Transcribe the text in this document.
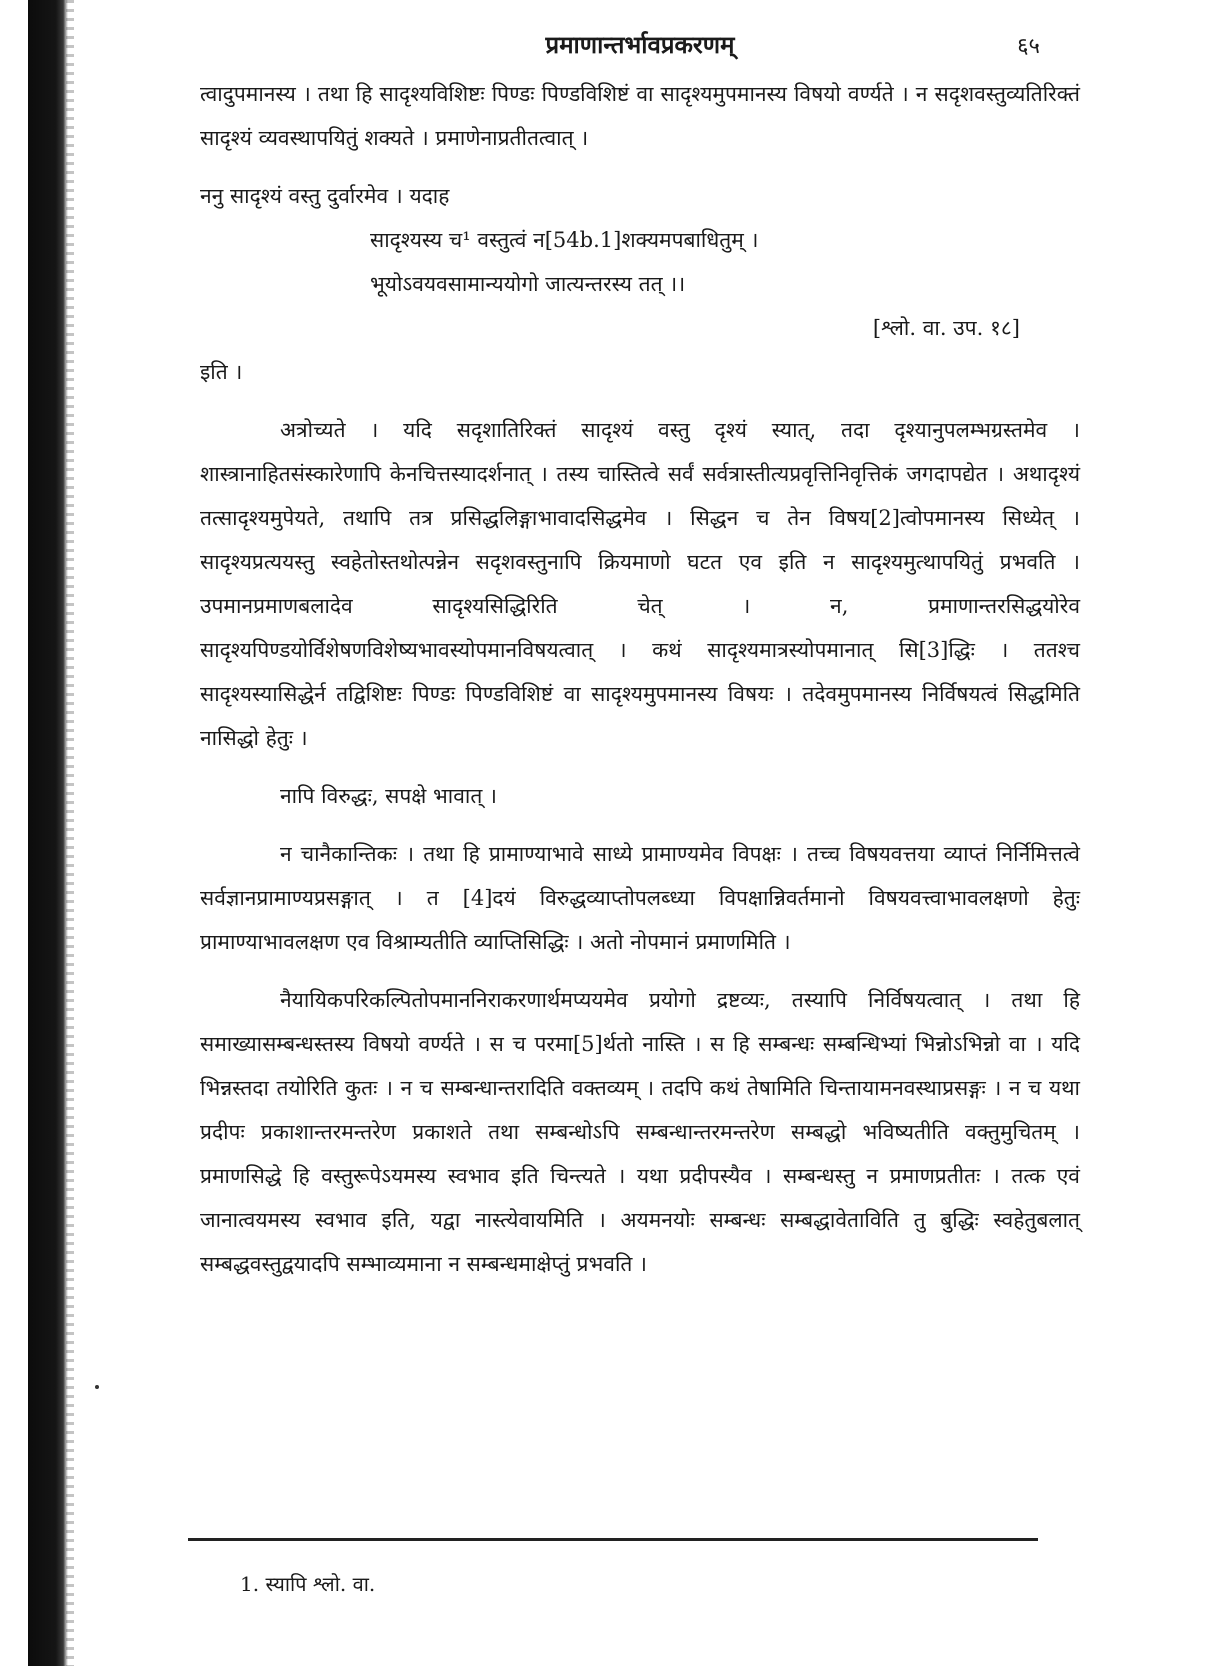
प्रमाणान्तर्भावप्रकरणम्	६५

त्वादुपमानस्य । तथा हि सादृश्यविशिष्टः पिण्डः पिण्डविशिष्टं वा सादृश्यमुपमानस्य विषयो वर्ण्यते । न सदृशवस्तुव्यतिरिक्तं सादृश्यं व्यवस्थापयितुं शक्यते । प्रमाणेनाप्रतीतत्वात् ।

ननु सादृश्यं वस्तु दुर्वारमेव । यदाह

सादृश्यस्य च¹ वस्तुत्वं न[54b.1]शक्यमपबाधितुम् ।
भूयोऽवयवसामान्ययोगो जात्यन्तरस्य तत् ।।
[श्लो. वा. उप. १८]

इति ।

अत्रोच्यते । यदि सदृशातिरिक्तं सादृश्यं वस्तु दृश्यं स्यात्, तदा दृश्यानुपलम्भग्रस्तमेव । शास्त्रानाहितसंस्कारेणापि केनचित्तस्यादर्शनात् । तस्य चास्तित्वे सर्वं सर्वत्रास्तीत्यप्रवृत्तिनिवृत्तिकं जगदापद्येत । अथादृश्यं तत्सादृश्यमुपेयते, तथापि तत्र प्रसिद्धलिङ्गाभावादसिद्धमेव । सिद्धन च तेन विषय[2]त्वोपमानस्य सिध्येत् । सादृश्यप्रत्ययस्तु स्वहेतोस्तथोत्पन्नेन सदृशवस्तुनापि क्रियमाणो घटत एव इति न सादृश्यमुत्थापयितुं प्रभवति । उपमानप्रमाणबलादेव सादृश्यसिद्धिरिति चेत् । न, प्रमाणान्तरसिद्धयोरेव सादृश्यपिण्डयोर्विशेषणविशेष्यभावस्योपमानविषयत्वात् । कथं सादृश्यमात्रस्योपमानात् सि[3]द्धिः । ततश्च सादृश्यस्यासिद्धेर्न तद्विशिष्टः पिण्डः पिण्डविशिष्टं वा सादृश्यमुपमानस्य विषयः । तदेवमुपमानस्य निर्विषयत्वं सिद्धमिति नासिद्धो हेतुः ।

नापि विरुद्धः, सपक्षे भावात् ।

न चानैकान्तिकः । तथा हि प्रामाण्याभावे साध्ये प्रामाण्यमेव विपक्षः । तच्च विषयवत्तया व्याप्तं निर्निमित्तत्वे सर्वज्ञानप्रामाण्यप्रसङ्गात् । त [4]दयं विरुद्धव्याप्तोपलब्ध्या विपक्षान्निवर्तमानो विषयवत्त्वाभावलक्षणो हेतुः प्रामाण्याभावलक्षण एव विश्राम्यतीति व्याप्तिसिद्धिः । अतो नोपमानं प्रमाणमिति ।

नैयायिकपरिकल्पितोपमाननिराकरणार्थमप्ययमेव प्रयोगो द्रष्टव्यः, तस्यापि निर्विषयत्वात् । तथा हि समाख्यासम्बन्धस्तस्य विषयो वर्ण्यते । स च परमा[5]र्थतो नास्ति । स हि सम्बन्धः सम्बन्धिभ्यां भिन्नोऽभिन्नो वा । यदि भिन्नस्तदा तयोरिति कुतः । न च सम्बन्धान्तरादिति वक्तव्यम् । तदपि कथं तेषामिति चिन्तायामनवस्थाप्रसङ्गः । न च यथा प्रदीपः प्रकाशान्तरमन्तरेण प्रकाशते तथा सम्बन्धोऽपि सम्बन्धान्तरमन्तरेण सम्बद्धो भविष्यतीति वक्तुमुचितम् । प्रमाणसिद्धे हि वस्तुरूपेऽयमस्य स्वभाव इति चिन्त्यते । यथा प्रदीपस्यैव । सम्बन्धस्तु न प्रमाणप्रतीतः । तत्क एवं जानात्वयमस्य स्वभाव इति, यद्वा नास्त्येवायमिति । अयमनयोः सम्बन्धः सम्बद्धावेताविति तु बुद्धिः स्वहेतुबलात् सम्बद्धवस्तुद्वयादपि सम्भाव्यमाना न सम्बन्धमाक्षेप्तुं प्रभवति ।

1. स्यापि श्लो. वा.
